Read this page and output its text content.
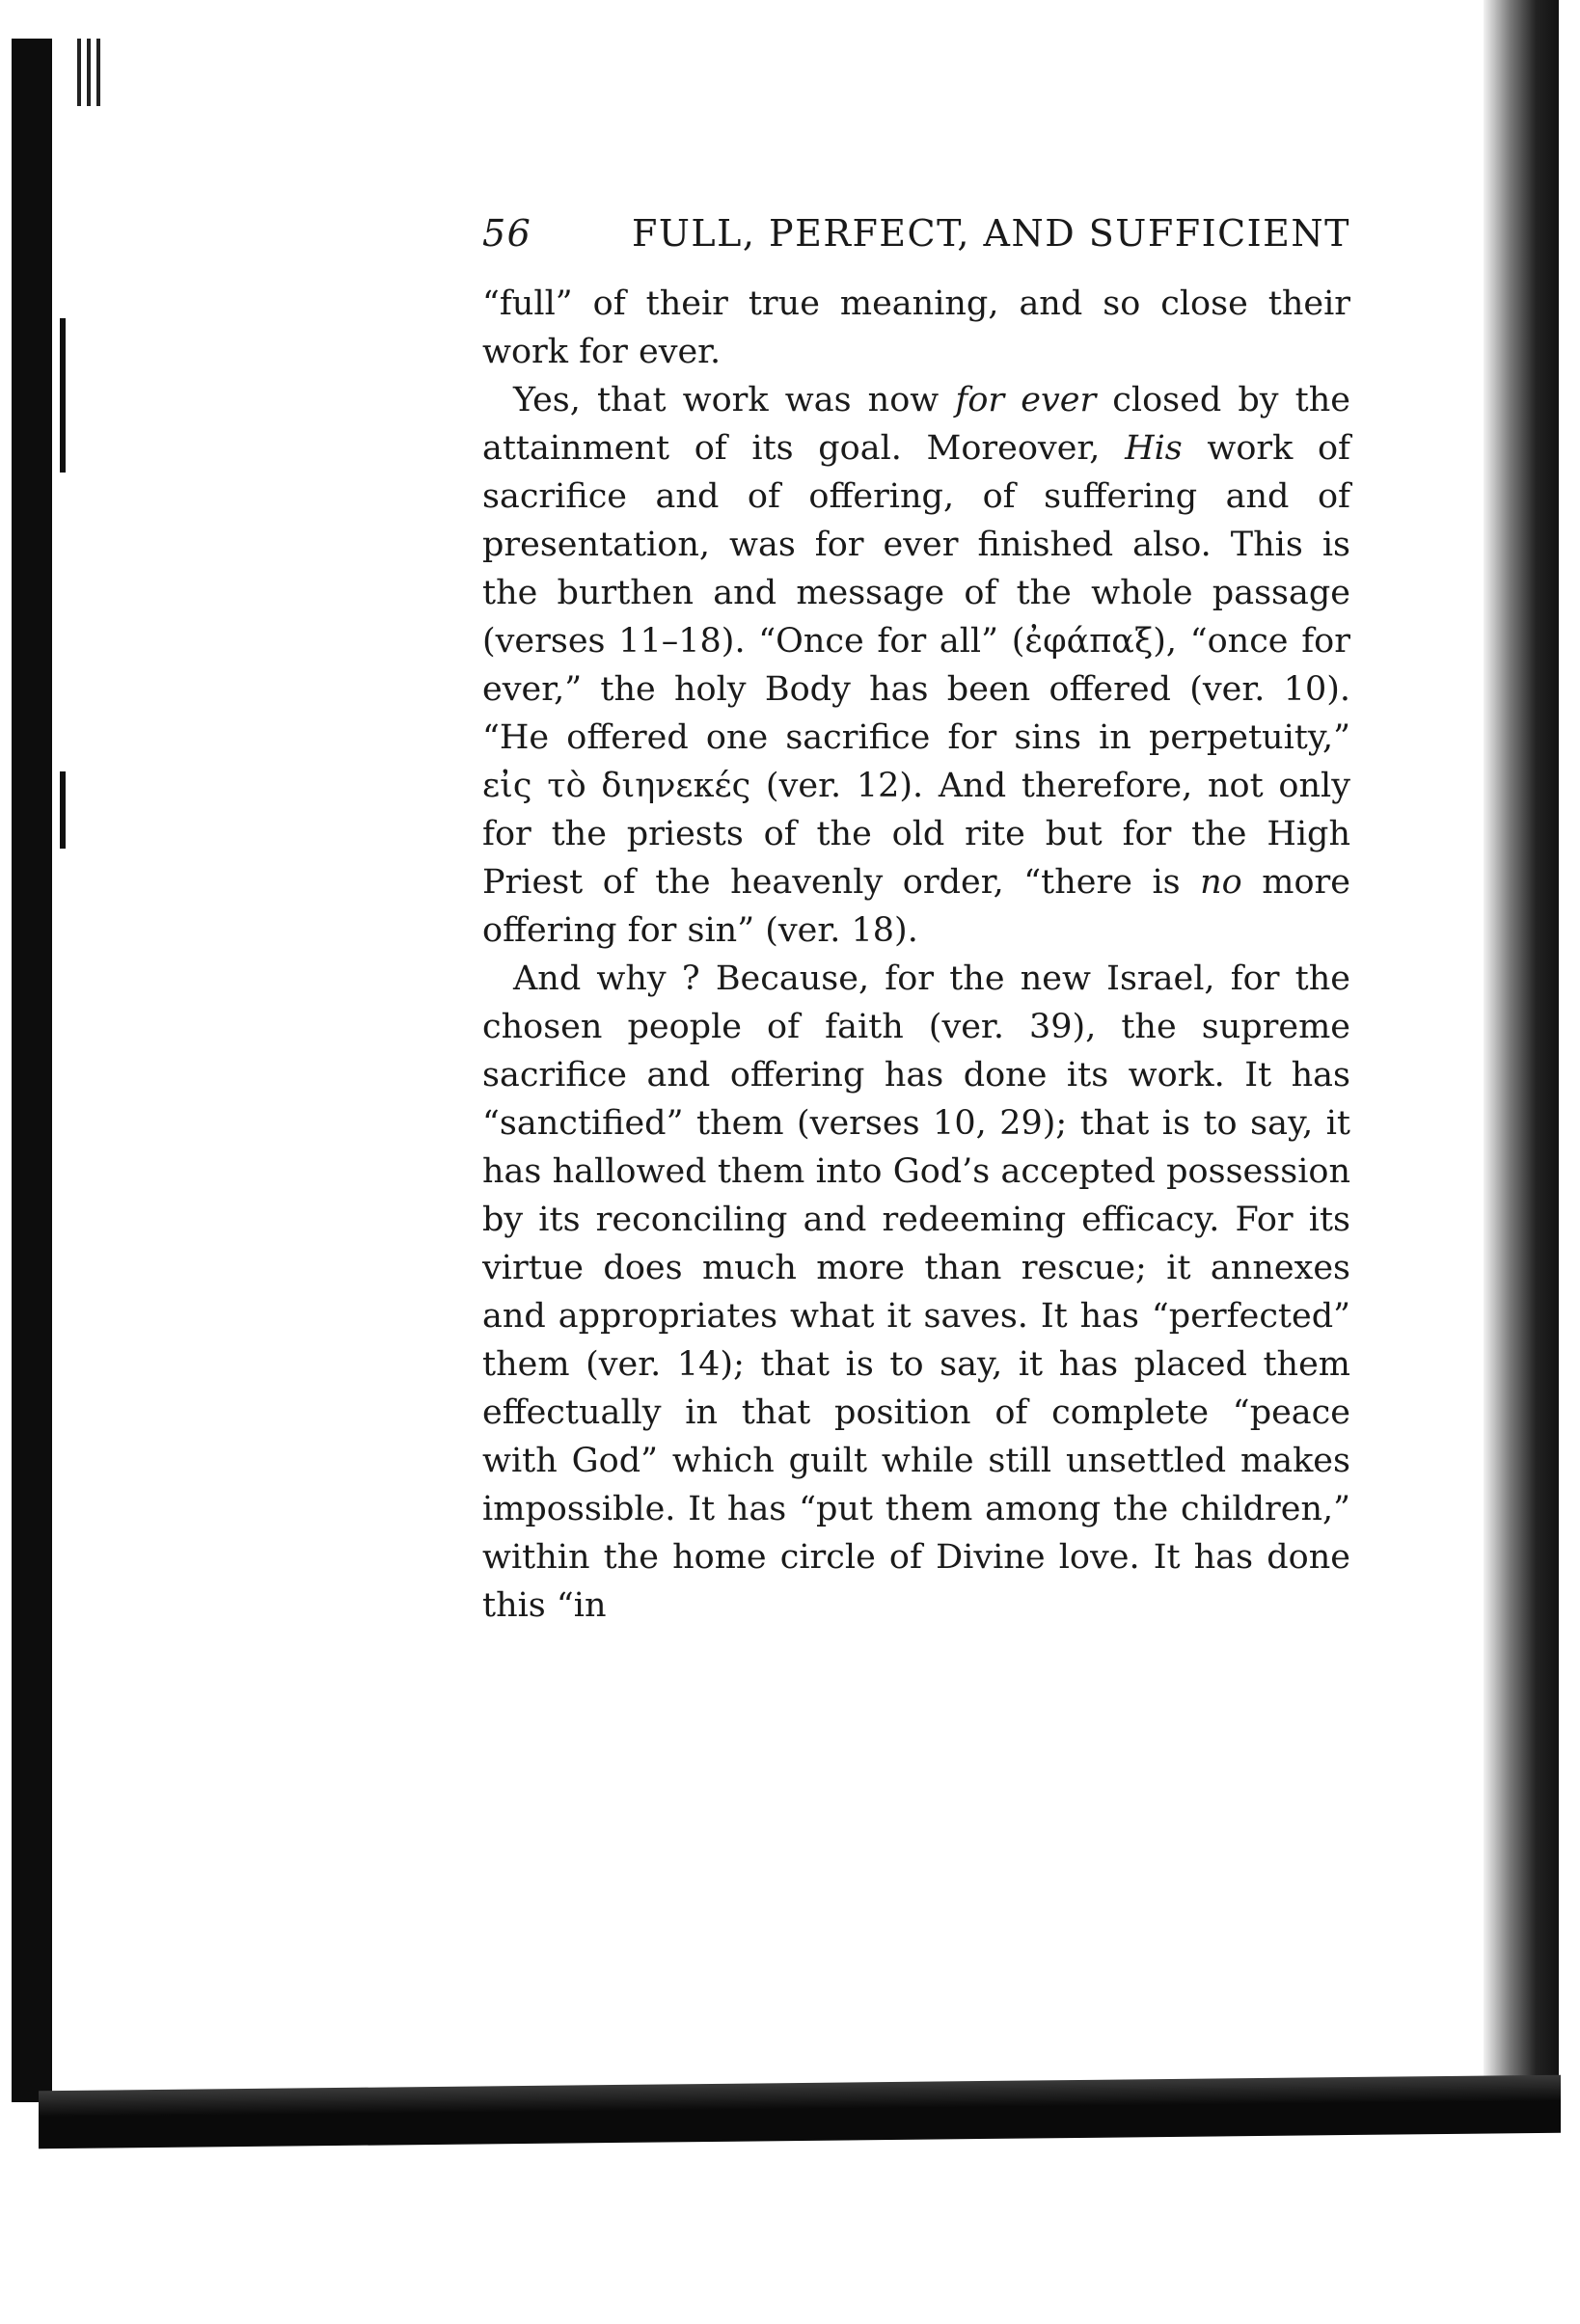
56	FULL, PERFECT, AND SUFFICIENT

“full” of their true meaning, and so close their work for ever.

Yes, that work was now for ever closed by the attainment of its goal. Moreover, His work of sacrifice and of offering, of suffering and of presentation, was for ever finished also. This is the burthen and message of the whole passage (verses 11–18). “Once for all” (ἐφάπαξ), “once for ever,” the holy Body has been offered (ver. 10). “He offered one sacrifice for sins in perpetuity,” εἰς τὸ διηνεκές (ver. 12). And therefore, not only for the priests of the old rite but for the High Priest of the heavenly order, “there is no more offering for sin” (ver. 18).

And why ? Because, for the new Israel, for the chosen people of faith (ver. 39), the supreme sacrifice and offering has done its work. It has “sanctified” them (verses 10, 29); that is to say, it has hallowed them into God’s accepted possession by its reconciling and redeeming efficacy. For its virtue does much more than rescue; it annexes and appropriates what it saves. It has “perfected” them (ver. 14); that is to say, it has placed them effectually in that position of complete “peace with God” which guilt while still unsettled makes impossible. It has “put them among the children,” within the home circle of Divine love. It has done this “in
